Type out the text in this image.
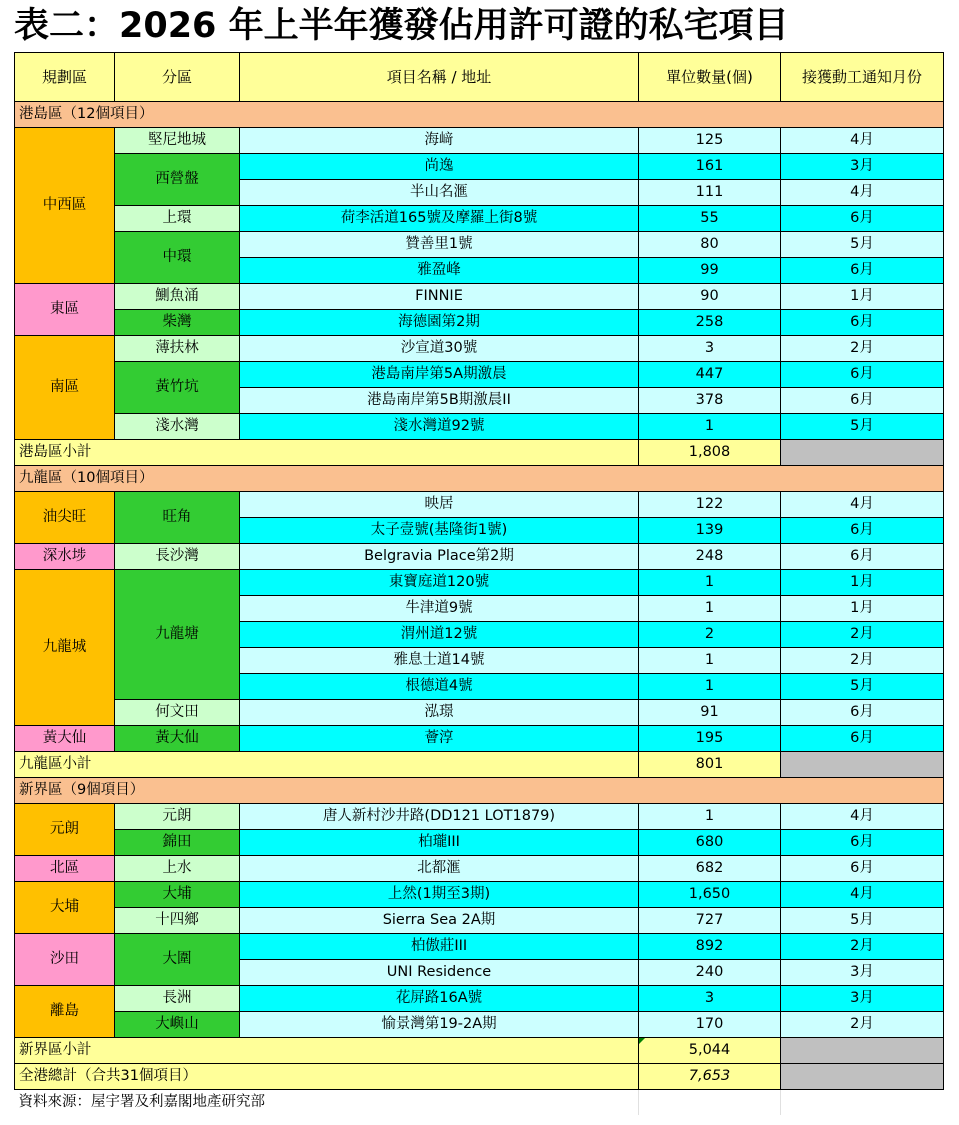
表二：2026 年上半年獲發佔用許可證的私宅項目
規劃區	分區	項目名稱 / 地址	單位數量(個)	接獲動工通知月份
港島區（12個項目）				
中西區	堅尼地城	海﨑	125	4月
	西營盤	尚逸	161	3月
		半山名滙	111	4月
	上環	荷李活道165號及摩羅上街8號	55	6月
	中環	贊善里1號	80	5月
		雅盈峰	99	6月
東區	鰂魚涌	FINNIE	90	1月
	柴灣	海德園第2期	258	6月
南區	薄扶林	沙宣道30號	3	2月
	黃竹坑	港島南岸第5A期激晨	447	6月
		港島南岸第5B期激晨II	378	6月
	淺水灣	淺水灣道92號	1	5月
港島區小計			1,808	
九龍區（10個項目）				
油尖旺	旺角	映居	122	4月
		太子壹號(基隆街1號)	139	6月
深水埗	長沙灣	Belgravia Place第2期	248	6月
九龍城	九龍塘	東寶庭道120號	1	1月
		牛津道9號	1	1月
		渭州道12號	2	2月
		雅息士道14號	1	2月
		根德道4號	1	5月
	何文田	泓璟	91	6月
黃大仙	黃大仙	薈淳	195	6月
九龍區小計			801	
新界區（9個項目）				
元朗	元朗	唐人新村沙井路(DD121 LOT1879)	1	4月
	錦田	柏瓏III	680	6月
北區	上水	北都滙	682	6月
大埔	大埔	上然(1期至3期)	1,650	4月
	十四鄉	Sierra Sea 2A期	727	5月
沙田	大圍	柏傲莊III	892	2月
		UNI Residence	240	3月
離島	長洲	花屏路16A號	3	3月
	大嶼山	愉景灣第19-2A期	170	2月
新界區小計			5,044	
全港總計（合共31個項目）			7,653	
資料來源：屋宇署及利嘉閣地產研究部				
